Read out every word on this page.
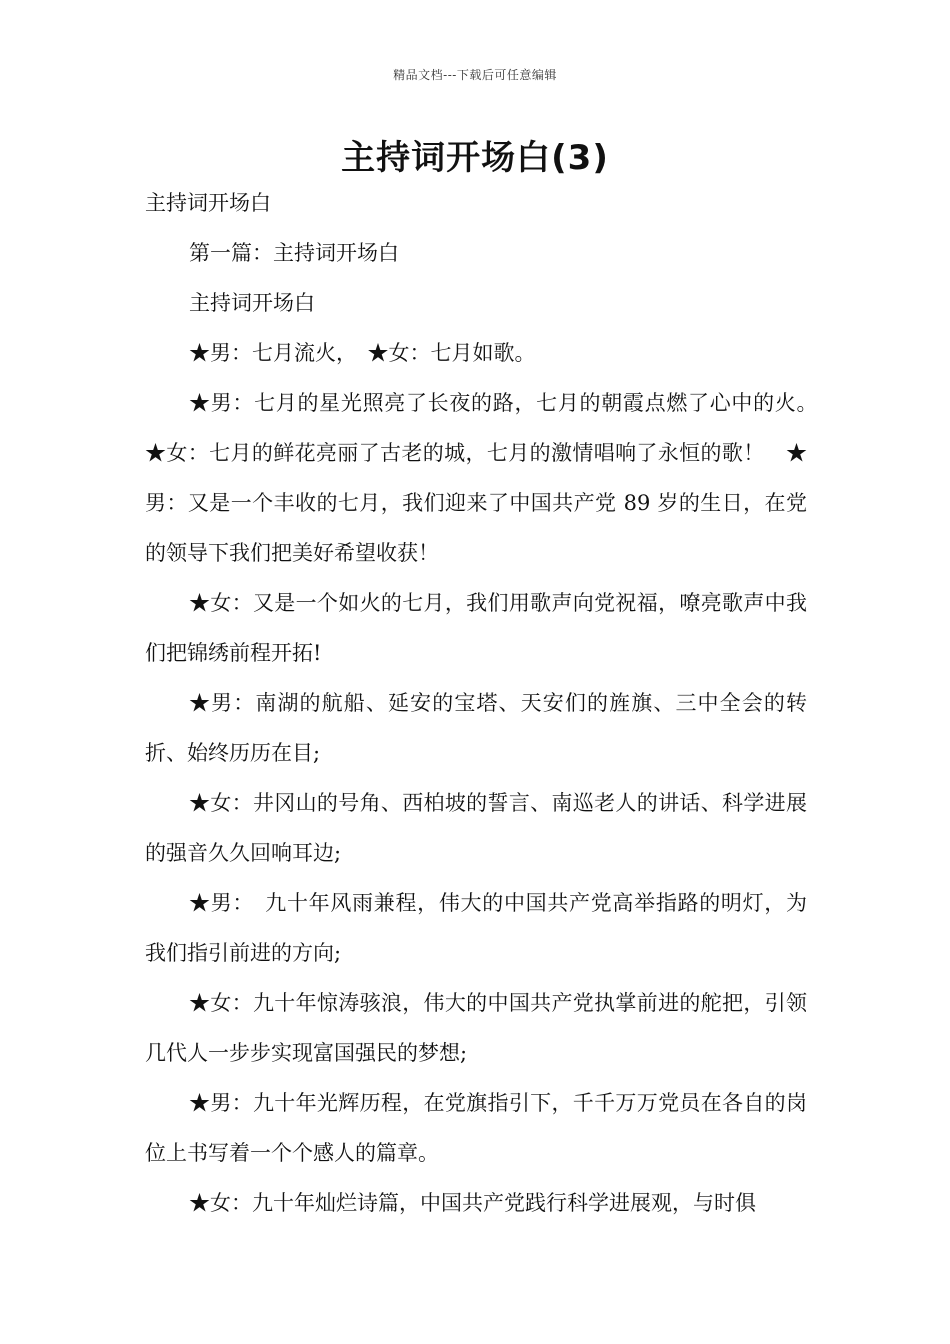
精品文档---下载后可任意编辑
主持词开场白(3)

主持词开场白

第一篇：主持词开场白

主持词开场白

★男：七月流火，　★女：七月如歌。

★男：七月的星光照亮了长夜的路，七月的朝霞点燃了心中的火。　★女：七月的鲜花亮丽了古老的城，七月的激情唱响了永恒的歌！　★男：又是一个丰收的七月，我们迎来了中国共产党 89 岁的生日，在党的领导下我们把美好希望收获！

★女：又是一个如火的七月，我们用歌声向党祝福，嘹亮歌声中我们把锦绣前程开拓!

★男：南湖的航船、延安的宝塔、天安们的旌旗、三中全会的转折、始终历历在目;

★女：井冈山的号角、西柏坡的誓言、南巡老人的讲话、科学进展的强音久久回响耳边;

★男：　九十年风雨兼程，伟大的中国共产党高举指路的明灯，为我们指引前进的方向;

★女：九十年惊涛骇浪，伟大的中国共产党执掌前进的舵把，引领几代人一步步实现富国强民的梦想;

★男：九十年光辉历程，在党旗指引下，千千万万党员在各自的岗位上书写着一个个感人的篇章。

★女：九十年灿烂诗篇，中国共产党践行科学进展观，与时俱
